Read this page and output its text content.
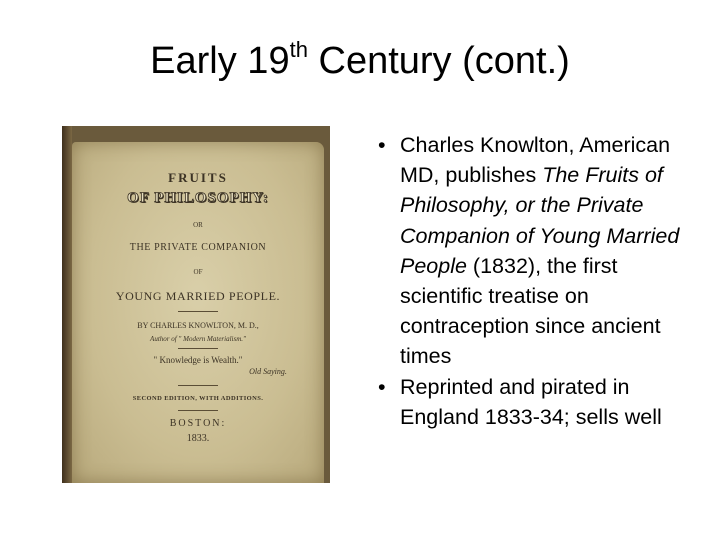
Early 19th Century (cont.)
FRUITS
OF PHILOSOPHY:
OR
THE PRIVATE COMPANION
OF
YOUNG MARRIED PEOPLE.
BY CHARLES KNOWLTON, M. D.,
Author of " Modern Materialism."
" Knowledge is Wealth."
Old Saying.
SECOND EDITION, WITH ADDITIONS.
BOSTON:
1833.
• Charles Knowlton, American MD, publishes The Fruits of Philosophy, or the Private Companion of Young Married People (1832), the first scientific treatise on contraception since ancient times
• Reprinted and pirated in England 1833-34; sells well
